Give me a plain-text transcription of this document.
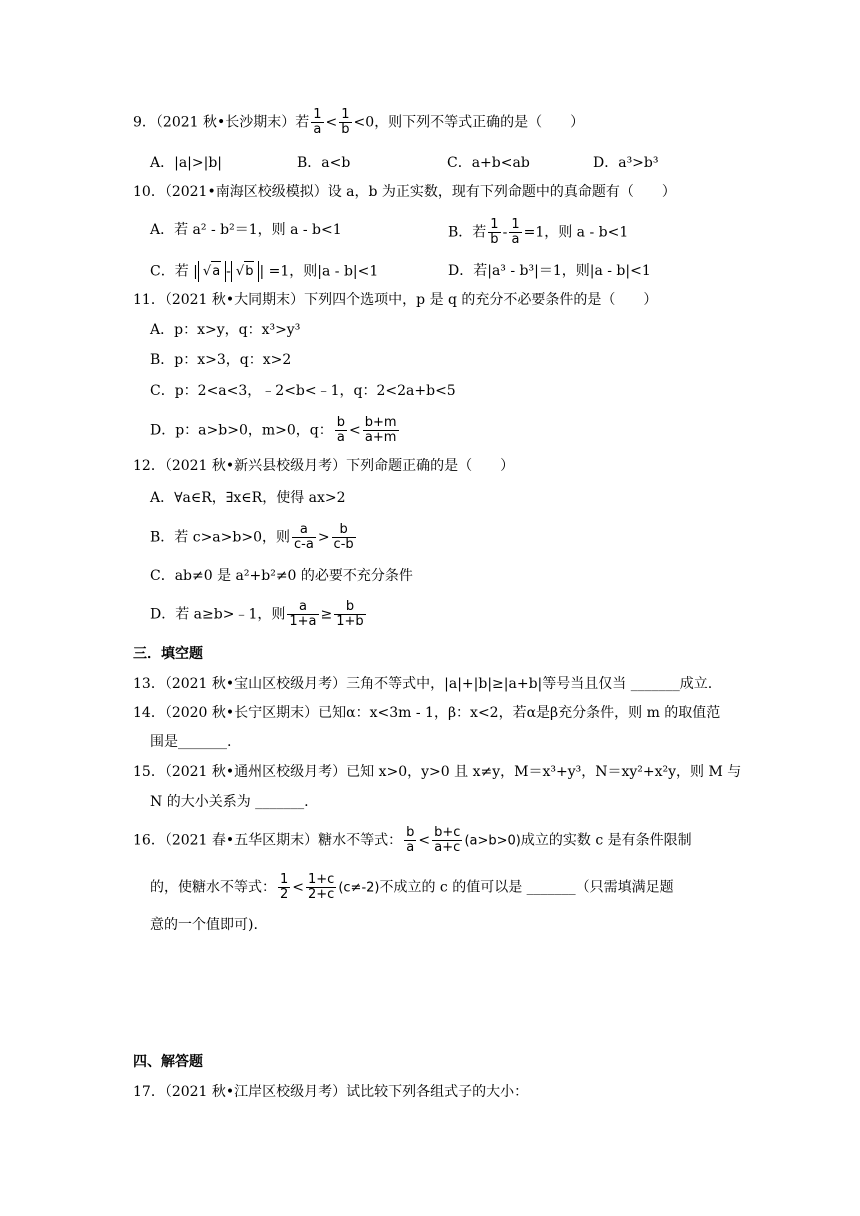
9．（2021 秋•长沙期末）若 $\frac{1}{a} < \frac{1}{b} <0$，则下列不等式正确的是（　　）
A．|a|>|b|	B．a<b	C．a+b<ab	D．a³>b³
10．（2021•南海区校级模拟）设 a，b 为正实数，现有下列命题中的真命题有（　　）
A．若 a² - b²＝1，则 a - b<1	B．若 $\frac{1}{b} - \frac{1}{a} =1$，则 a - b<1
C．若 | √a - √b | =1，则|a - b|<1	D．若|a³ - b³|＝1，则|a - b|<1
11．（2021 秋•大同期末）下列四个选项中，p 是 q 的充分不必要条件的是（　　）
A．p：x>y，q：x³>y³
B．p：x>3，q：x>2
C．p：2<a<3，﹣2<b<﹣1，q：2<2a+b<5
D．p：a>b>0，m>0，q： $\frac{b}{a} < \frac{b+m}{a+m}$
12．（2021 秋•新兴县校级月考）下列命题正确的是（　　）
A．∀a∈R，∃x∈R，使得 ax>2
B．若 c>a>b>0，则 $\frac{a}{c-a} > \frac{b}{c-b}$
C．ab≠0 是 a²+b²≠0 的必要不充分条件
D．若 a≥b>﹣1，则 $\frac{a}{1+a} \ge \frac{b}{1+b}$
三．填空题
13．（2021 秋•宝山区校级月考）三角不等式中，|a|+|b|≥|a+b|等号当且仅当 _______成立.
14．（2020 秋•长宁区期末）已知α：x<3m - 1，β：x<2，若α是β充分条件，则 m 的取值范
围是_______.
15．（2021 秋•通州区校级月考）已知 x>0，y>0 且 x≠y，M＝x³+y³，N＝xy²+x²y，则 M 与
N 的大小关系为 _______.
16．（2021 春•五华区期末）糖水不等式： $\frac{b}{a} < \frac{b+c}{a+c} (a>b>0)$成立的实数 c 是有条件限制
的，使糖水不等式： $\frac{1}{2} < \frac{1+c}{2+c} (c\ne-2)$不成立的 c 的值可以是 _______（只需填满足题
意的一个值即可).
四、解答题
17．（2021 秋•江岸区校级月考）试比较下列各组式子的大小：
